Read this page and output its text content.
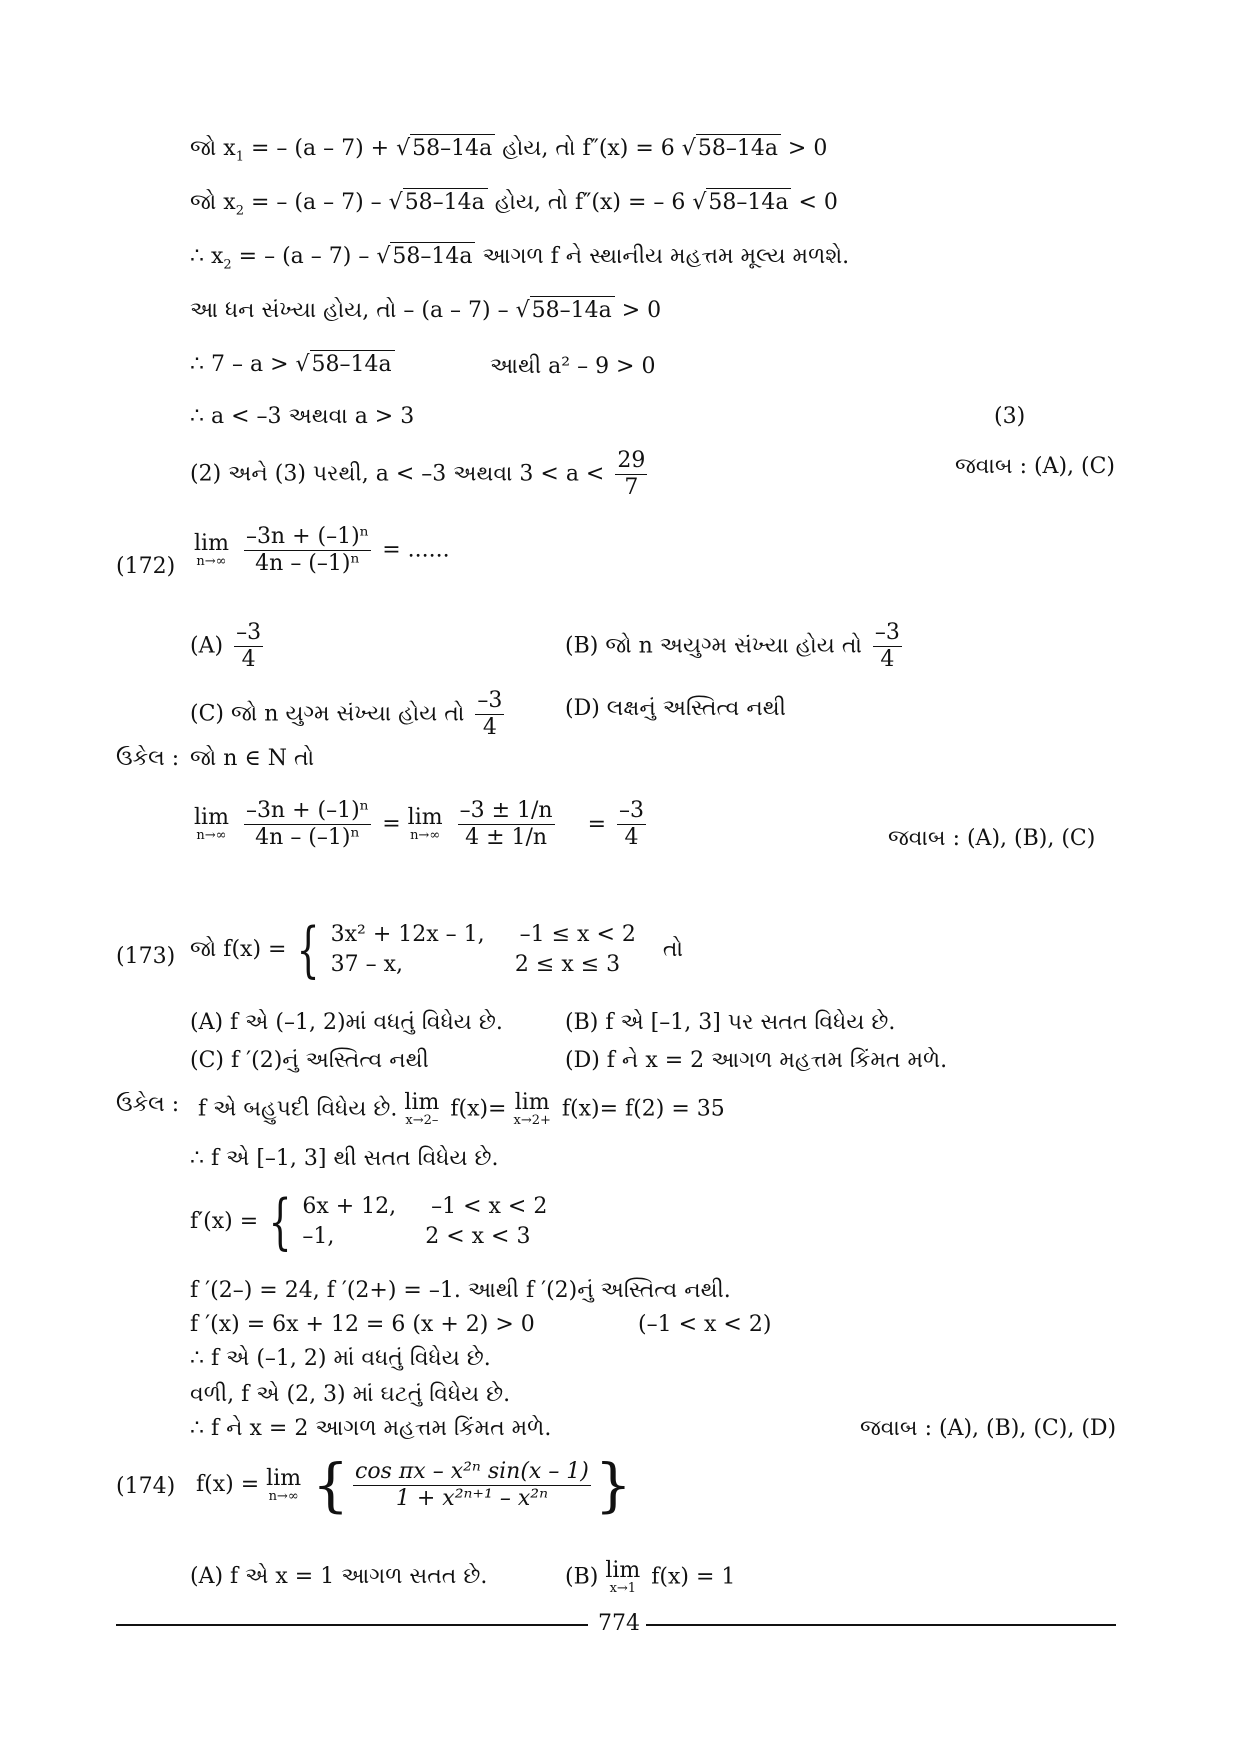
જો $x_1$ = – (a – 7) + √58–14a હોય, તો f″(x) = 6 √58–14a > 0
જો $x_2$ = – (a – 7) – √58–14a હોય, તો f″(x) = – 6 √58–14a < 0
∴ $x_2$ = – (a – 7) – √58–14a આગળ f ને સ્થાનીય મહત્તમ મૂલ્ય મળશે.
આ ધન સંખ્યા હોય, તો – (a – 7) – √58–14a > 0
∴ 7 – a > √58–14a	આથી a² – 9 > 0
∴ a < –3 અથવા a > 3	(3)
(2) અને (3) પરથી, a < –3 અથવા $3 < a < \frac{29}{7}$	જવાબ : (A), (C)
(172)
lim
n→∞
$\frac{\text{–3n + (–1)ⁿ}}{\text{4n – (–1)ⁿ}}$ = ......
$(A) \frac{-3}{4}$	(B) જો n અયુગ્મ સંખ્યા હોય તો $\frac{-3}{4}$
(C) જો n યુગ્મ સંખ્યા હોય તો $\frac{-3}{4}$	(D) લક્ષનું અસ્તિત્વ નથી
ઉકેલ : જો n ∈ N તો
lim
n→∞
$\frac{\text{–3n + (–1)ⁿ}}{\text{4n – (–1)ⁿ}} = \lim$
n→∞
$\frac{-3 \pm 1/n}{4 \pm 1/n} = \frac{-3}{4}$	જવાબ : (A), (B), (C)
(173) જો f(x) = { 3x² + 12x – 1,     –1 ≤ x < 2
37 – x,                2 ≤ x ≤ 3
તો
(A) f એ (–1, 2)માં વધતું વિધેય છે.	(B) f એ [–1, 3] પર સતત વિધેય છે.
(C) f ′(2)નું અસ્તિત્વ નથી	(D) f ને x = 2 આગળ મહત્તમ કિંમત મળે.
ઉકેલ : f એ બહુપદી વિધેય છે. lim
x→2– f(x)= lim
x→2+ f(x)= f(2) = 35
∴ f એ [–1, 3] થી સતત વિધેય છે.
f′(x) = { 6x + 12,     –1 < x < 2
–1,             2 < x < 3
f ′(2–) = 24, f ′(2+) = –1. આથી f ′(2)નું અસ્તિત્વ નથી.
f ′(x) = 6x + 12 = 6 (x + 2) > 0	(–1 < x < 2)
∴ f એ (–1, 2) માં વધતું વિધેય છે.
વળી, f એ (2, 3) માં ઘટતું વિધેય છે.
∴ f ને x = 2 આગળ મહત્તમ કિંમત મળે.	જવાબ : (A), (B), (C), (D)
(174) f(x) = lim
n→∞ { $\frac{\text{cos πx – x²ⁿ sin(x – 1)}}{\text{1 + x²ⁿ⁺¹ – x²ⁿ}}$ }
(A) f એ x = 1 આગળ સતત છે.	(B) lim
x→1 f(x) = 1
774
